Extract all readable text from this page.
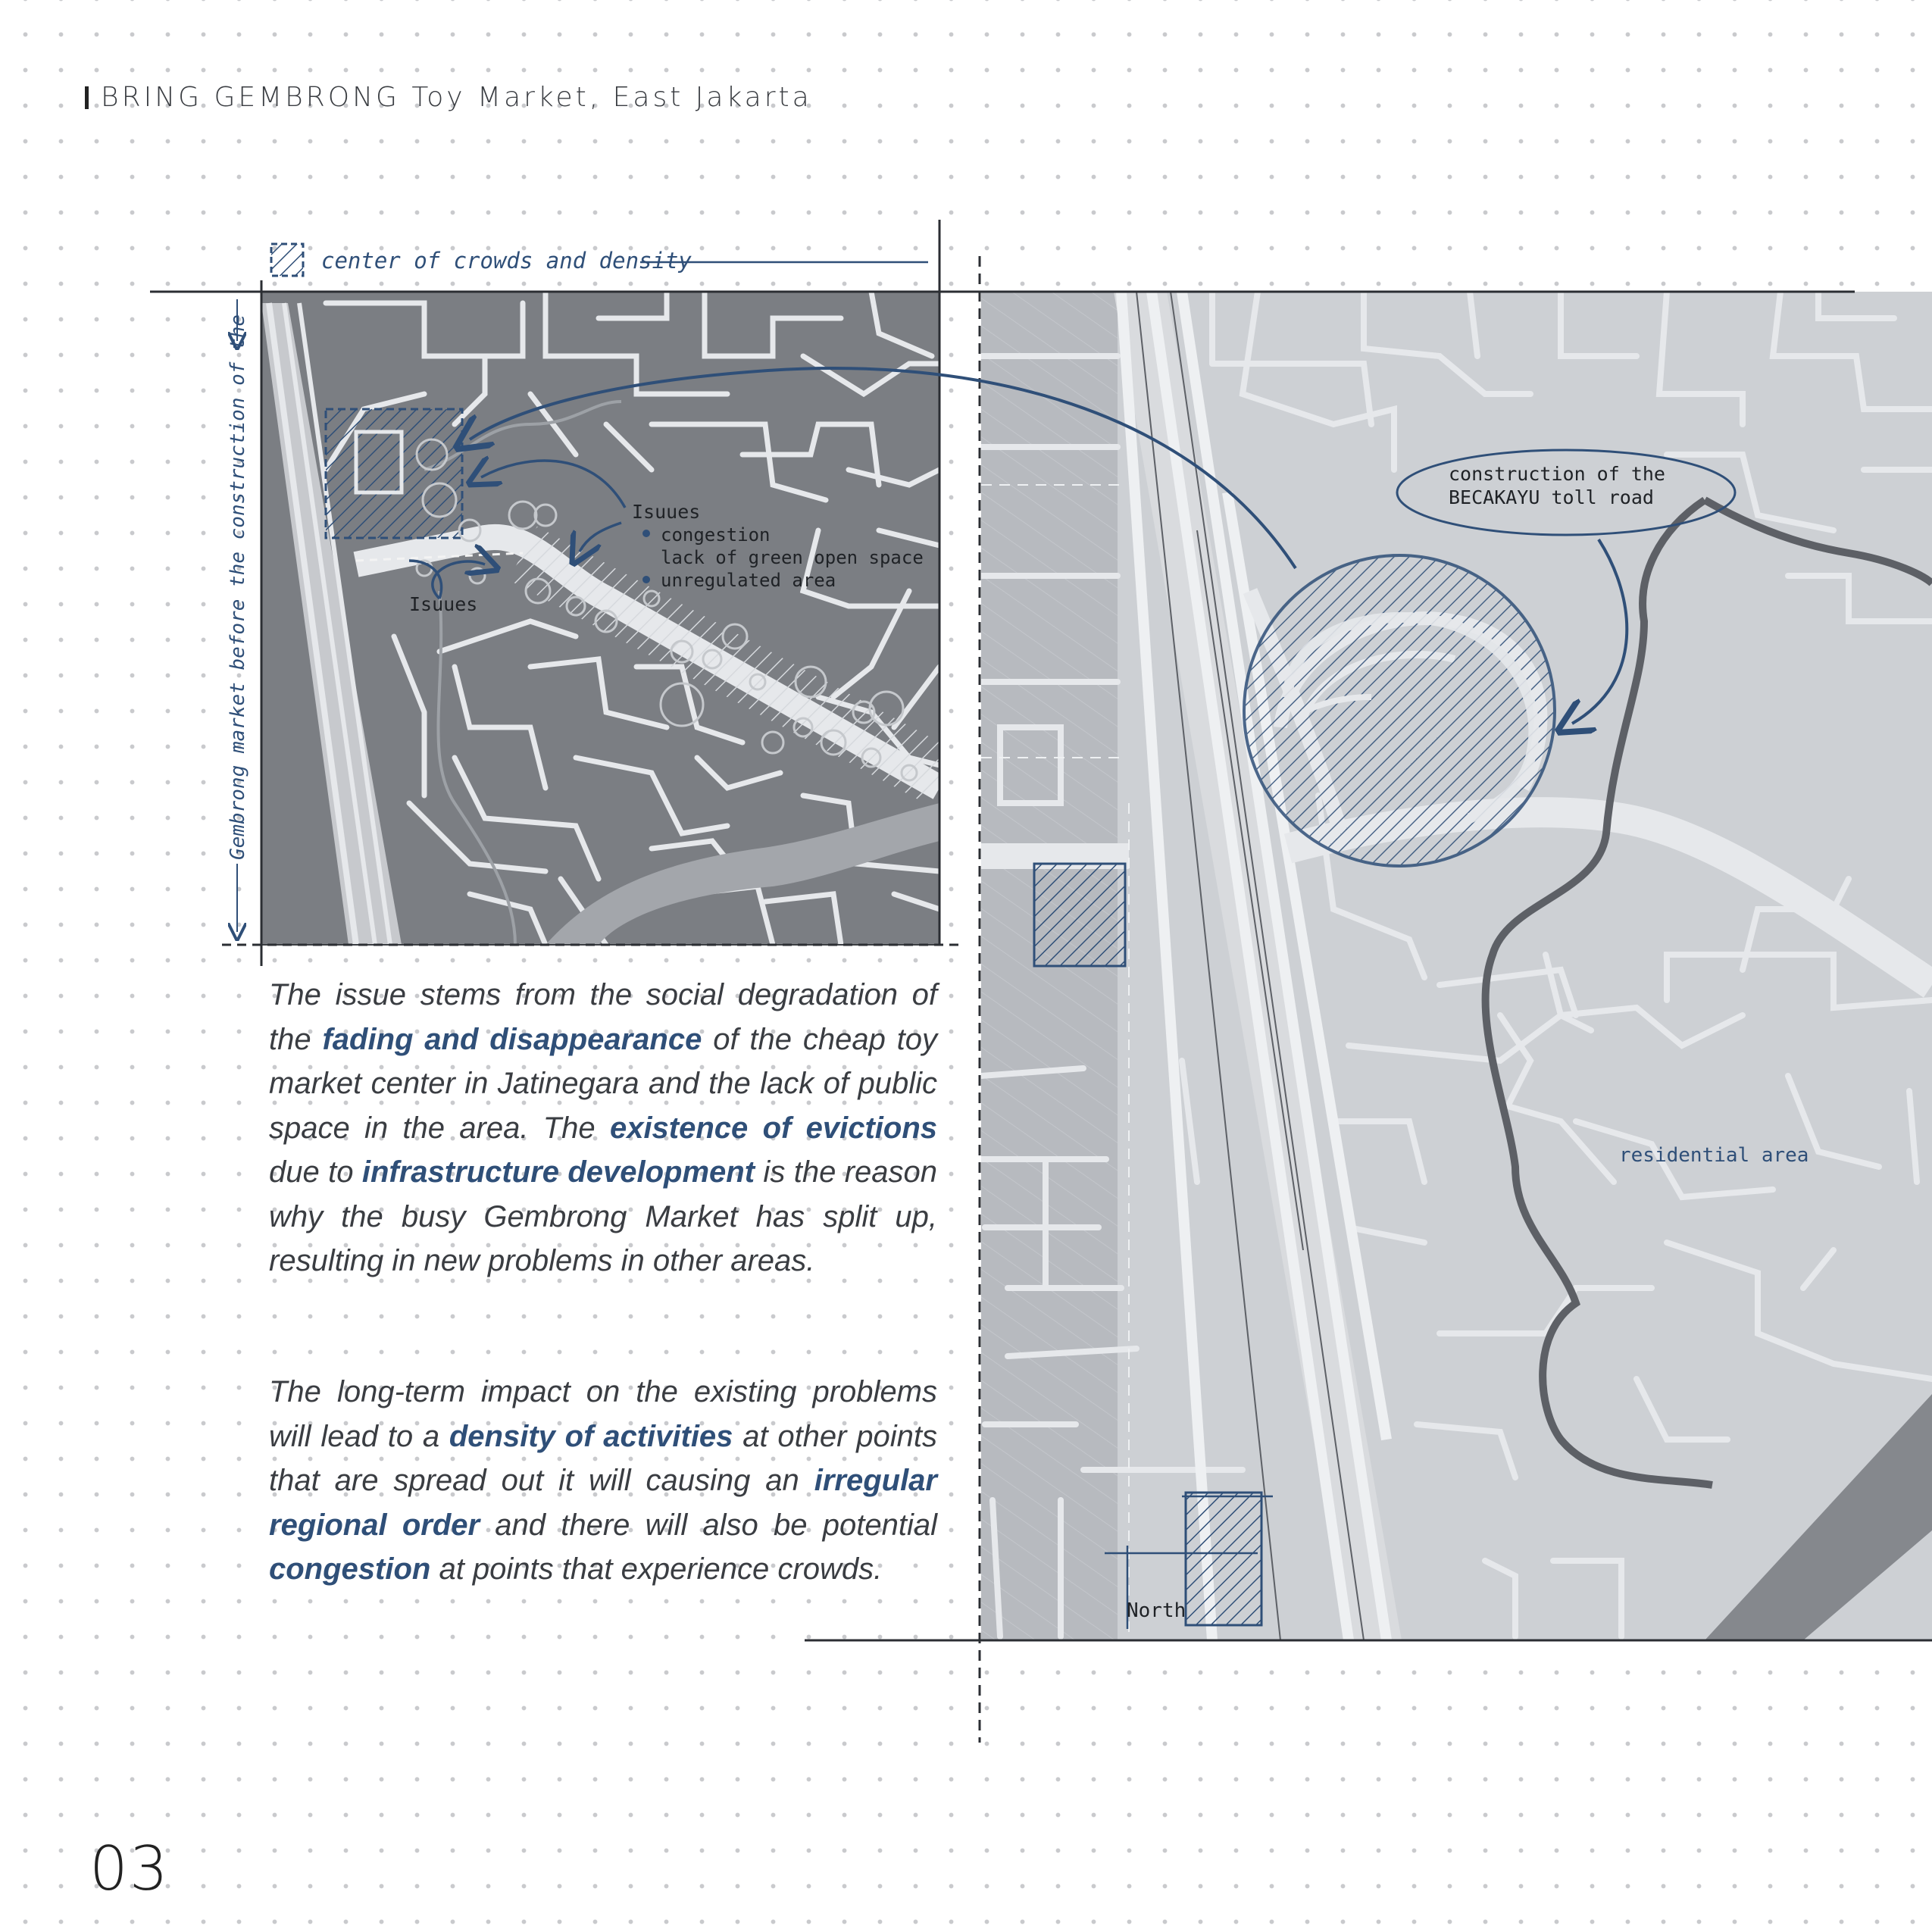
BRING GEMBRONG Toy Market, East Jakarta
center of crowds and density
Gembrong market before the construction of the	Isuues
congestion
lack of green open space
unregulated area
Isuues
construction of the
BECAKAYU toll road
residential area
North

The issue stems from the social degradation of the fading and disappearance of the cheap toy market center in Jatinegara and the lack of public space in the area. The existence of evictions due to infrastructure development is the reason why the busy Gembrong Market has split up, resulting in new problems in other areas.

The long-term impact on the existing problems will lead to a density of activities at other points that are spread out it will causing an irregular regional order and there will also be potential congestion at points that experience crowds.

03
